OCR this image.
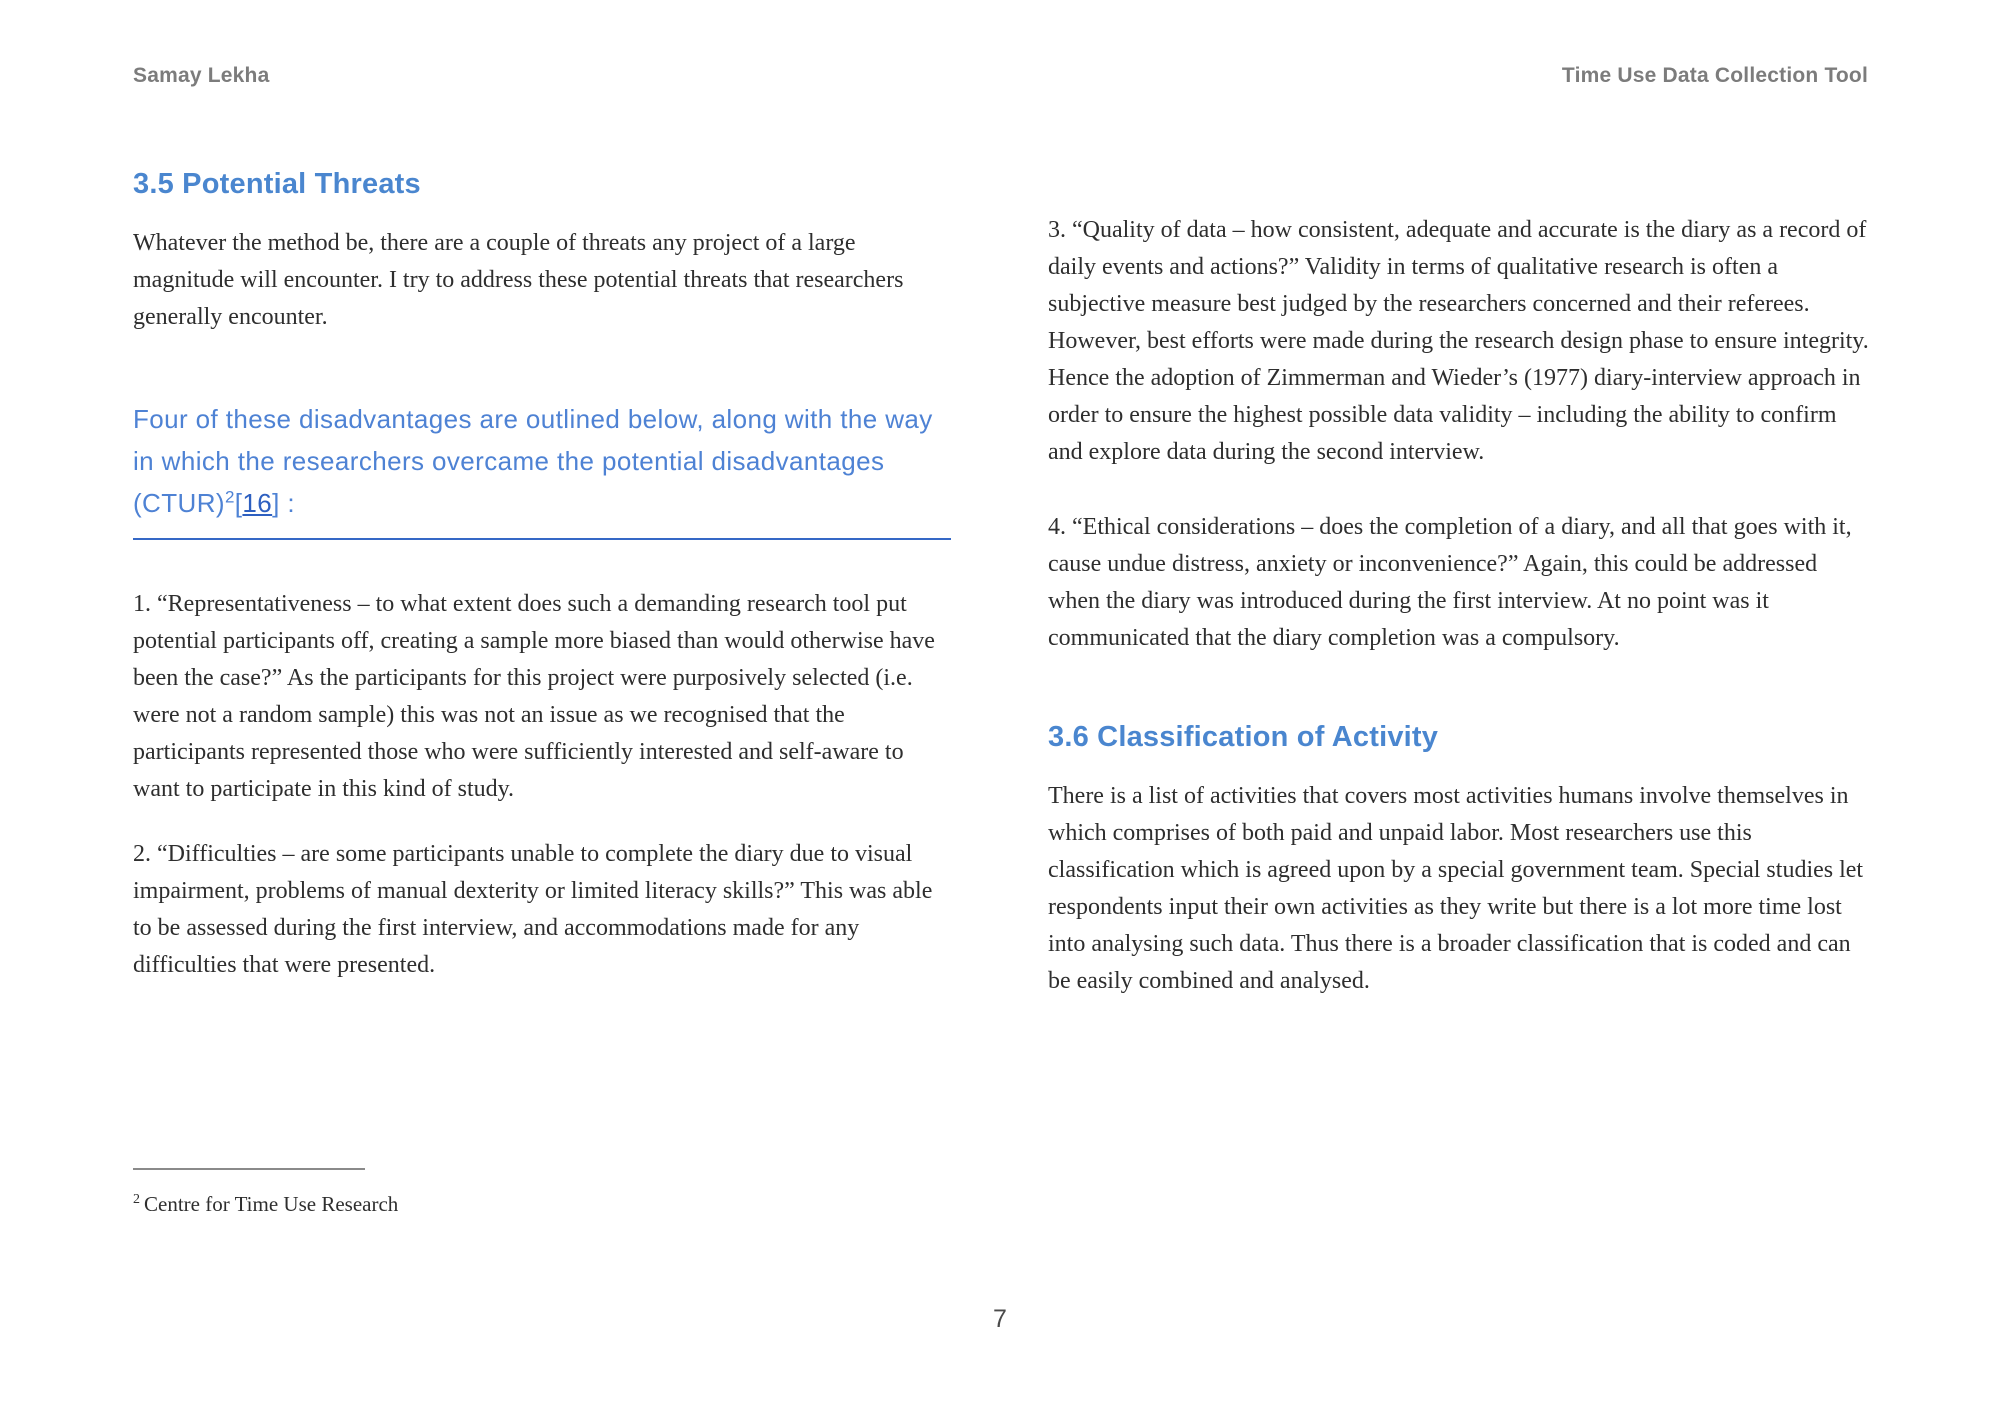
Samay Lekha	Time Use Data Collection Tool
3.5 Potential Threats

Whatever the method be, there are a couple of threats any project of a large magnitude will encounter. I try to address these potential threats that researchers generally encounter.

Four of these disadvantages are outlined below, along with the way in which the researchers overcame the potential disadvantages (CTUR)$^2$[16] :

1. “Representativeness – to what extent does such a demanding research tool put potential participants off, creating a sample more biased than would otherwise have been the case?” As the participants for this project were purposively selected (i.e. were not a random sample) this was not an issue as we recognised that the participants represented those who were sufficiently interested and self-aware to want to participate in this kind of study.

2. “Difficulties – are some participants unable to complete the diary due to visual impairment, problems of manual dexterity or limited literacy skills?” This was able to be assessed during the first interview, and accommodations made for any difficulties that were presented.

3. “Quality of data – how consistent, adequate and accurate is the diary as a record of daily events and actions?” Validity in terms of qualitative research is often a subjective measure best judged by the researchers concerned and their referees. However, best efforts were made during the research design phase to ensure integrity. Hence the adoption of Zimmerman and Wieder’s (1977) diary-interview approach in order to ensure the highest possible data validity – including the ability to confirm and explore data during the second interview.

4. “Ethical considerations – does the completion of a diary, and all that goes with it, cause undue distress, anxiety or inconvenience?” Again, this could be addressed when the diary was introduced during the first interview. At no point was it communicated that the diary completion was a compulsory.

3.6 Classification of Activity

There is a list of activities that covers most activities humans involve themselves in which comprises of both paid and unpaid labor. Most researchers use this classification which is agreed upon by a special government team. Special studies let respondents input their own activities as they write but there is a lot more time lost into analysing such data. Thus there is a broader classification that is coded and can be easily combined and analysed.

$^2$ Centre for Time Use Research
7
